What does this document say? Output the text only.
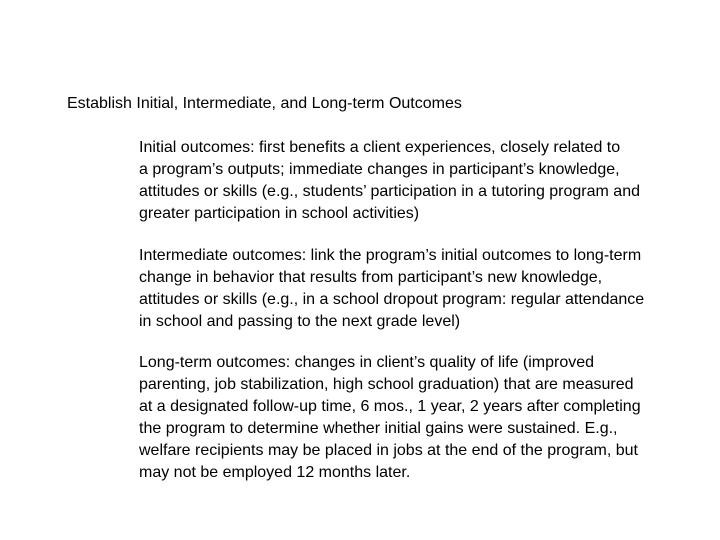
Establish Initial, Intermediate, and Long-term Outcomes
Initial outcomes: first benefits a client experiences, closely related to
a program’s outputs; immediate changes in participant’s knowledge,
attitudes or skills (e.g., students’ participation in a tutoring program and
greater participation in school activities)
Intermediate outcomes: link the program’s initial outcomes to long-term
change in behavior that results from participant’s new knowledge,
attitudes or skills (e.g., in a school dropout program: regular attendance
in school and passing to the next grade level)
Long-term outcomes: changes in client’s quality of life (improved
parenting, job stabilization, high school graduation) that are measured
at a designated follow-up time, 6 mos., 1 year, 2 years after completing
the program to determine whether initial gains were sustained. E.g.,
welfare recipients may be placed in jobs at the end of the program, but
may not be employed 12 months later.
